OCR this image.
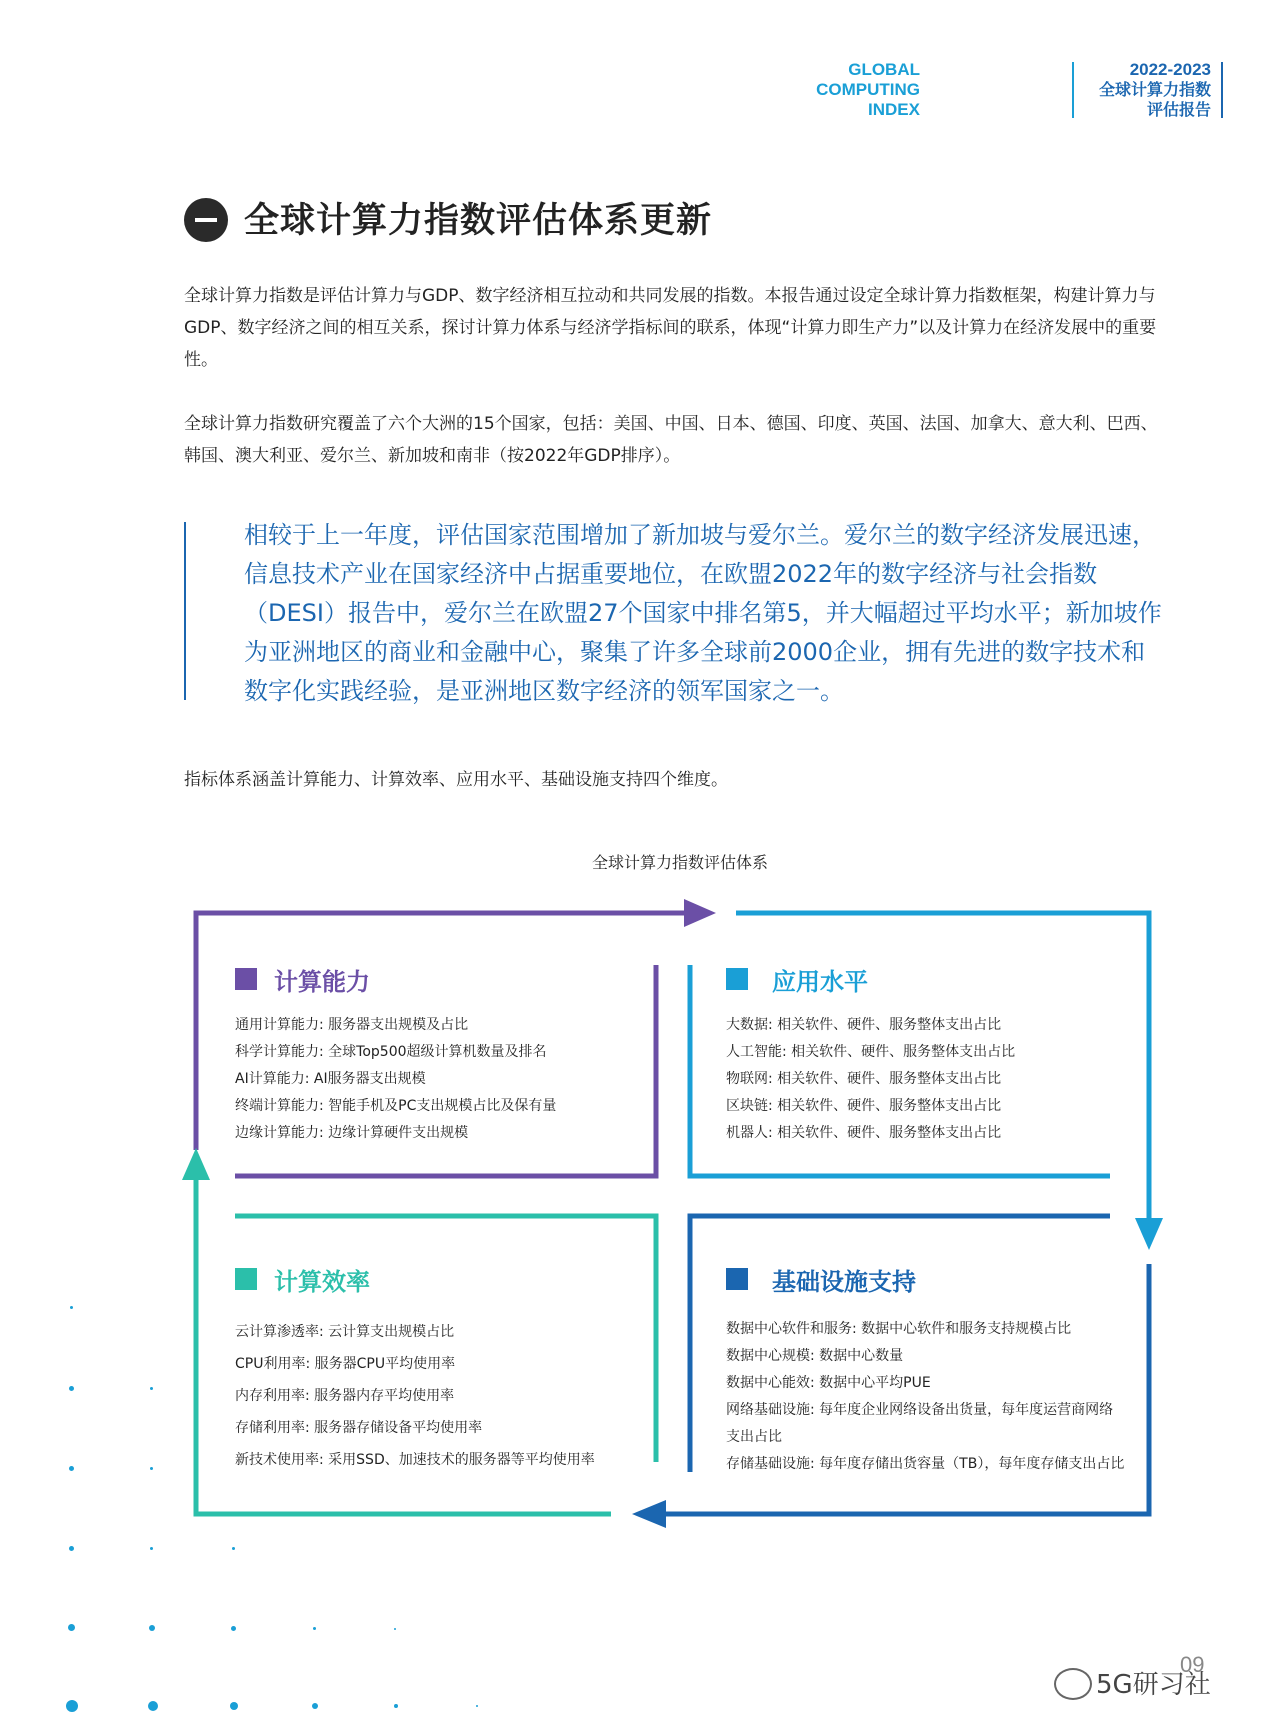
GLOBAL
COMPUTING
INDEX
2022-2023
全球计算力指数
评估报告
全球计算力指数评估体系更新
全球计算力指数是评估计算力与GDP、数字经济相互拉动和共同发展的指数。本报告通过设定全球计算力指数框架，构建计算力与GDP、数字经济之间的相互关系，探讨计算力体系与经济学指标间的联系，体现“计算力即生产力”以及计算力在经济发展中的重要性。
全球计算力指数研究覆盖了六个大洲的15个国家，包括：美国、中国、日本、德国、印度、英国、法国、加拿大、意大利、巴西、韩国、澳大利亚、爱尔兰、新加坡和南非（按2022年GDP排序）。
相较于上一年度，评估国家范围增加了新加坡与爱尔兰。爱尔兰的数字经济发展迅速，信息技术产业在国家经济中占据重要地位，在欧盟2022年的数字经济与社会指数（DESI）报告中，爱尔兰在欧盟27个国家中排名第5，并大幅超过平均水平；新加坡作为亚洲地区的商业和金融中心，聚集了许多全球前2000企业，拥有先进的数字技术和数字化实践经验，是亚洲地区数字经济的领军国家之一。
指标体系涵盖计算能力、计算效率、应用水平、基础设施支持四个维度。
全球计算力指数评估体系
计算能力
通用计算能力: 服务器支出规模及占比
科学计算能力: 全球Top500超级计算机数量及排名
AI计算能力: AI服务器支出规模
终端计算能力: 智能手机及PC支出规模占比及保有量
边缘计算能力: 边缘计算硬件支出规模
应用水平
大数据: 相关软件、硬件、服务整体支出占比
人工智能: 相关软件、硬件、服务整体支出占比
物联网: 相关软件、硬件、服务整体支出占比
区块链: 相关软件、硬件、服务整体支出占比
机器人: 相关软件、硬件、服务整体支出占比
计算效率
云计算渗透率: 云计算支出规模占比
CPU利用率: 服务器CPU平均使用率
内存利用率: 服务器内存平均使用率
存储利用率: 服务器存储设备平均使用率
新技术使用率: 采用SSD、加速技术的服务器等平均使用率
基础设施支持
数据中心软件和服务: 数据中心软件和服务支持规模占比
数据中心规模: 数据中心数量
数据中心能效: 数据中心平均PUE
网络基础设施: 每年度企业网络设备出货量，每年度运营商网络
支出占比
存储基础设施: 每年度存储出货容量（TB），每年度存储支出占比
09
5G研习社
